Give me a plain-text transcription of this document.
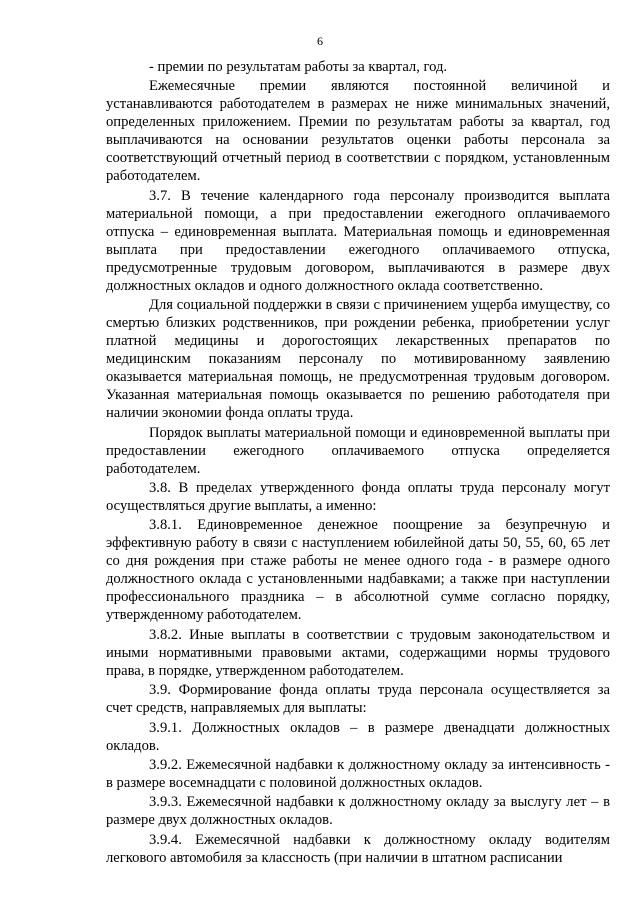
6

- премии по результатам работы за квартал, год.

Ежемесячные премии являются постоянной величиной и устанавливаются работодателем в размерах не ниже минимальных значений, определенных приложением. Премии по результатам работы за квартал, год выплачиваются на основании результатов оценки работы персонала за соответствующий отчетный период в соответствии с порядком, установленным работодателем.

3.7. В течение календарного года персоналу производится выплата материальной помощи, а при предоставлении ежегодного оплачиваемого отпуска – единовременная выплата. Материальная помощь и единовременная выплата при предоставлении ежегодного оплачиваемого отпуска, предусмотренные трудовым договором, выплачиваются в размере двух должностных окладов и одного должностного оклада соответственно.

Для социальной поддержки в связи с причинением ущерба имуществу, со смертью близких родственников, при рождении ребенка, приобретении услуг платной медицины и дорогостоящих лекарственных препаратов по медицинским показаниям персоналу по мотивированному заявлению оказывается материальная помощь, не предусмотренная трудовым договором. Указанная материальная помощь оказывается по решению работодателя при наличии экономии фонда оплаты труда.

Порядок выплаты материальной помощи и единовременной выплаты при предоставлении ежегодного оплачиваемого отпуска определяется работодателем.

3.8. В пределах утвержденного фонда оплаты труда персоналу могут осуществляться другие выплаты, а именно:

3.8.1. Единовременное денежное поощрение за безупречную и эффективную работу в связи с наступлением юбилейной даты 50, 55, 60, 65 лет со дня рождения при стаже работы не менее одного года - в размере одного должностного оклада с установленными надбавками; а также при наступлении профессионального праздника – в абсолютной сумме согласно порядку, утвержденному работодателем.

3.8.2. Иные выплаты в соответствии с трудовым законодательством и иными нормативными правовыми актами, содержащими нормы трудового права, в порядке, утвержденном работодателем.

3.9. Формирование фонда оплаты труда персонала осуществляется за счет средств, направляемых для выплаты:

3.9.1. Должностных окладов – в размере двенадцати должностных окладов.

3.9.2. Ежемесячной надбавки к должностному окладу за интенсивность - в размере восемнадцати с половиной должностных окладов.

3.9.3. Ежемесячной надбавки к должностному окладу за выслугу лет – в размере двух должностных окладов.

3.9.4. Ежемесячной надбавки к должностному окладу водителям легкового автомобиля за классность (при наличии в штатном расписании
